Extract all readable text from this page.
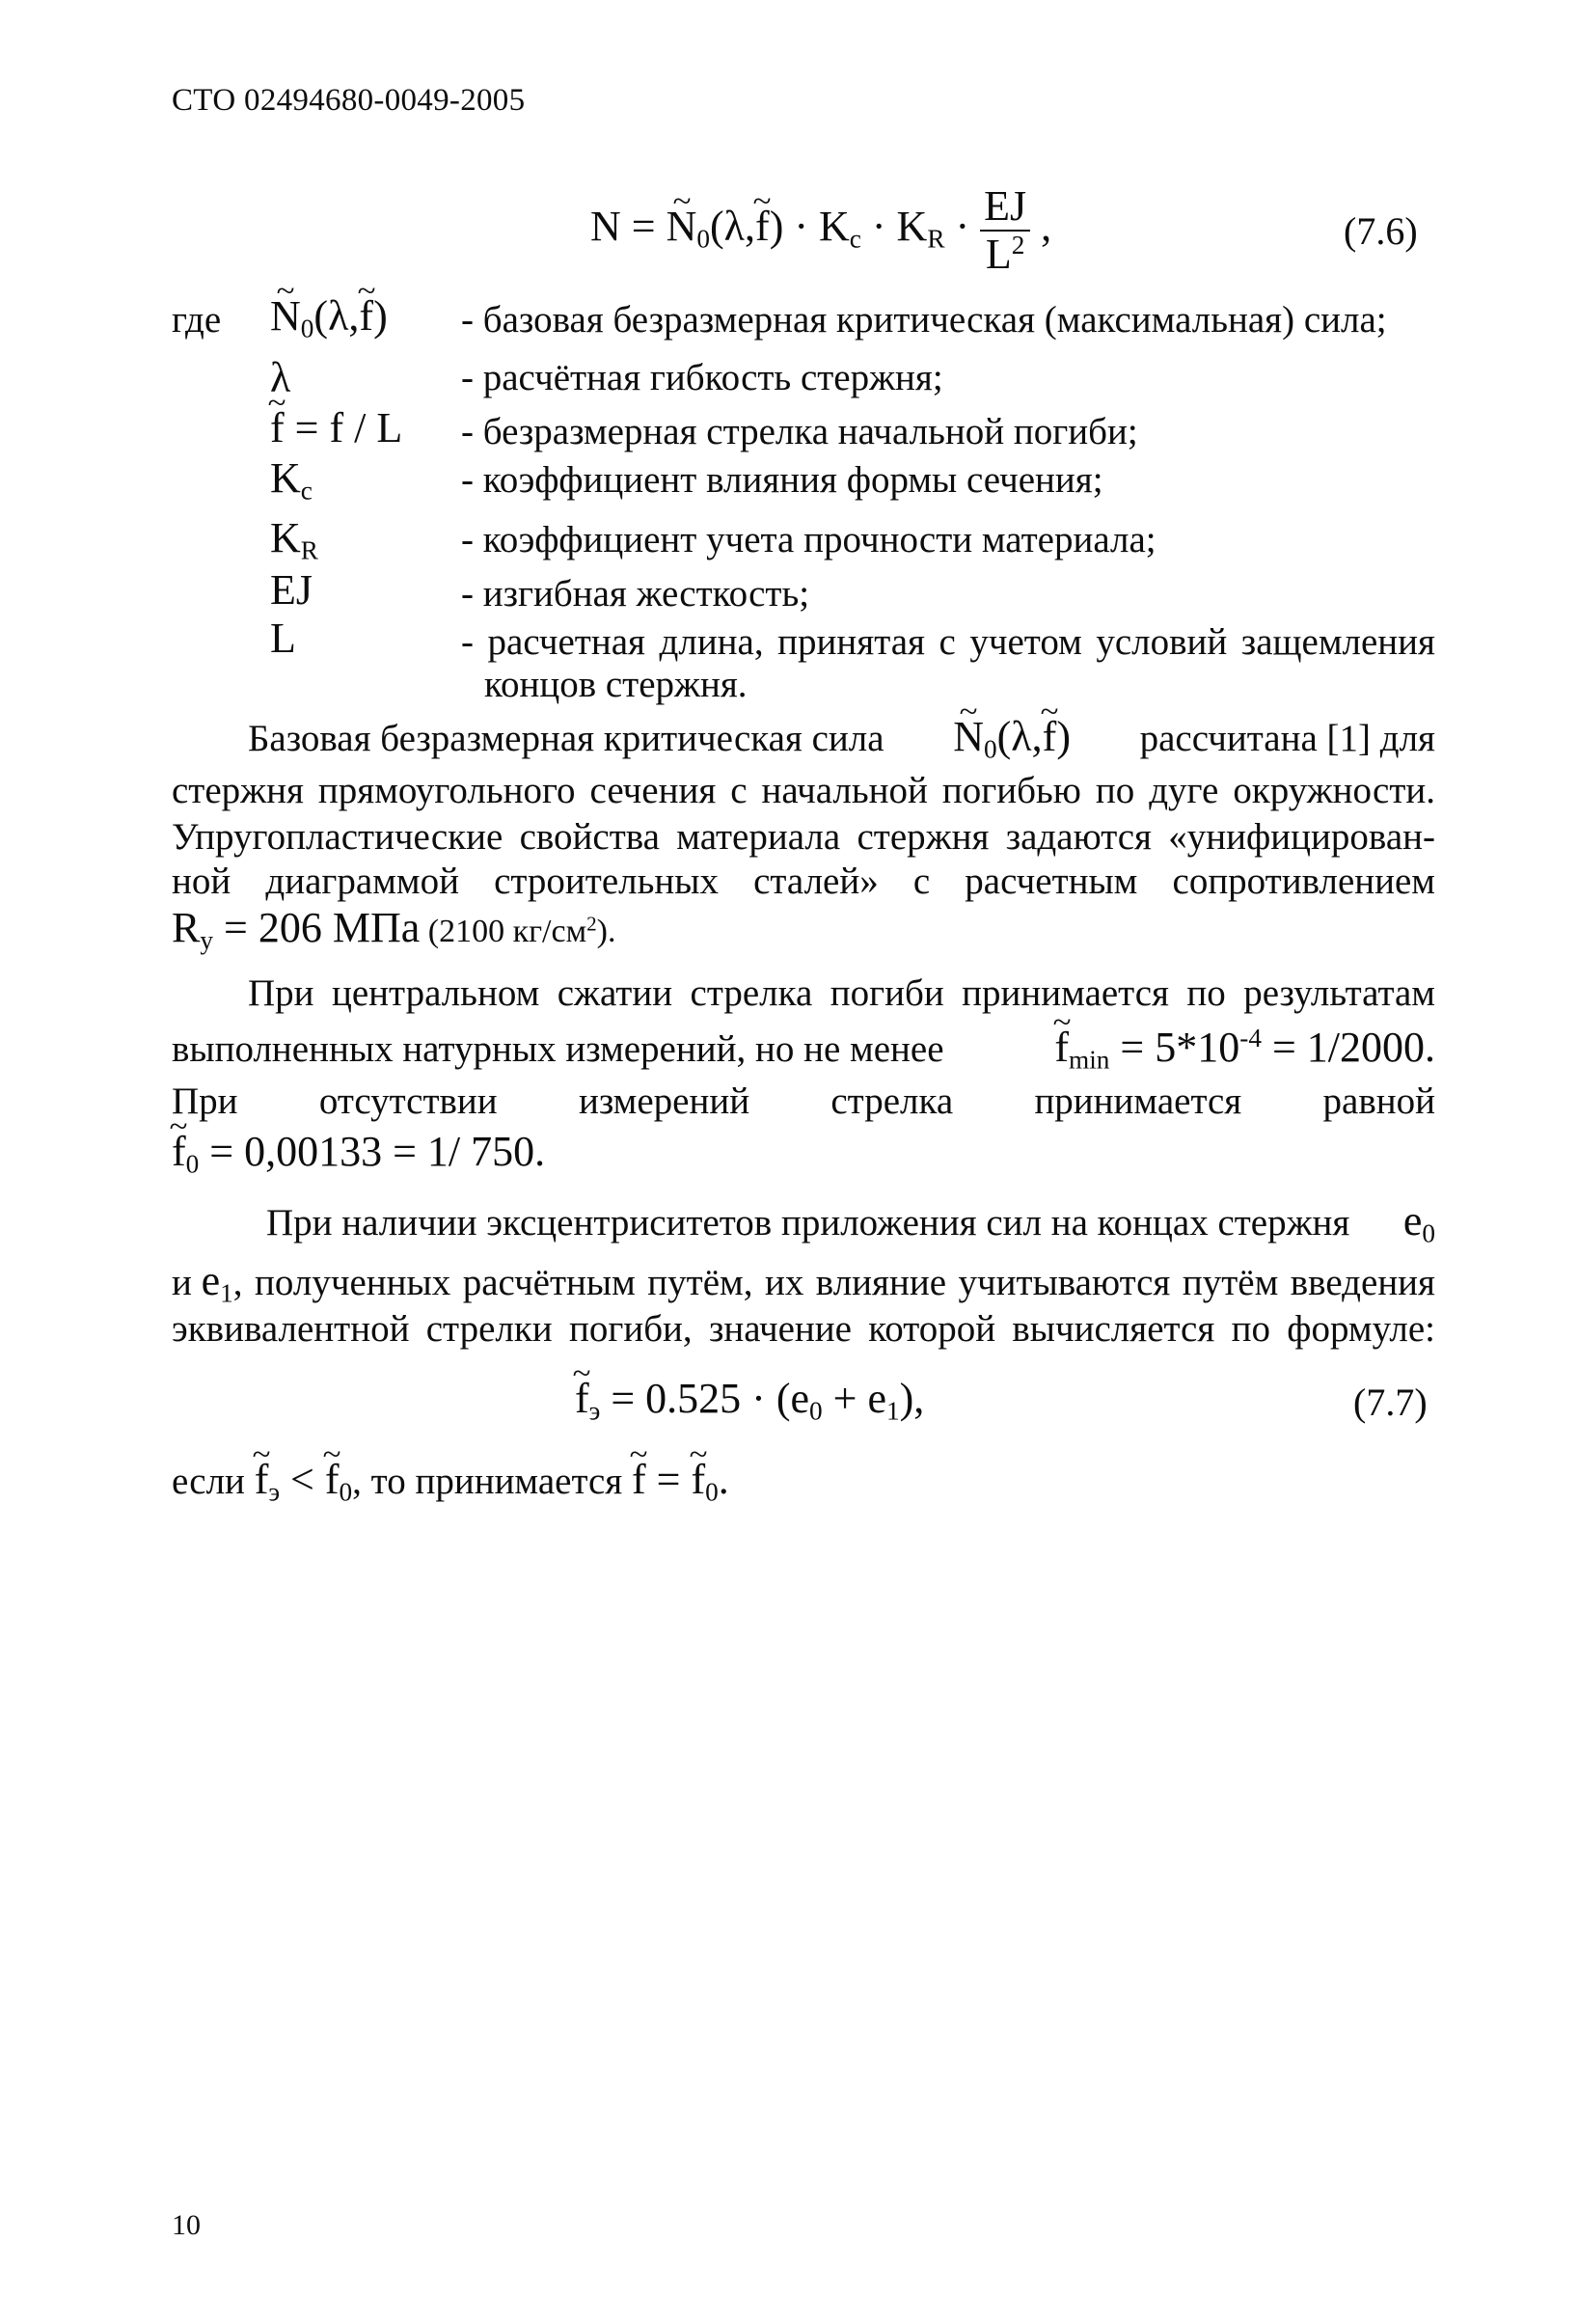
СТО 02494680-0049-2005
N = ~ $N_0(\lambda,\sim$ $f) \cdot K_c \cdot K_R \cdot \frac{EJ}{L^2}$ ,	(7.6)
где ~ $N_0(\lambda,\sim$ f) - базовая безразмерная критическая (максимальная) сила;
λ	- расчётная гибкость стержня;
~ f = f / L - безразмерная стрелка начальной погиби;
$K_c$	- коэффициент влияния формы сечения;
$K_R$	- коэффициент учета прочности материала;
EJ	- изгибная жесткость;
L	- расчетная длина, принятая с учетом условий защемления
концов стержня.
Базовая безразмерная критическая сила ~ $N_0(\lambda,\sim$ f) рассчитана [1] для
стержня прямоугольного сечения с начальной погибью по дуге окружности.
Упругопластические свойства материала стержня задаются «унифицирован-
ной диаграммой строительных сталей» с расчетным сопротивлением
$R_y = 206$ МПа (2100 $кг/см^2$).
При центральном сжатии стрелка погиби принимается по результатам
выполненных натурных измерений, но не менее	~ $f_{min} = 5*10^{-4} = 1/2000$.
При отсутствии измерений стрелка принимается равной
~ $f_0 = 0,00133 = 1/$ 750.
При наличии эксцентриситетов приложения сил на концах стержня $e_0$
и
$e_1$ , полученных расчётным путём, их влияние учитываются путём введения
эквивалентной стрелки погиби, значение которой вычисляется по формуле:
~ $f_э = 0.525 \cdot (e_0 + e_1)$,	(7.7)
если ~ $f_э$ < ~ $f_0$, то принимается ~ f = ~ $f_0$.
10
